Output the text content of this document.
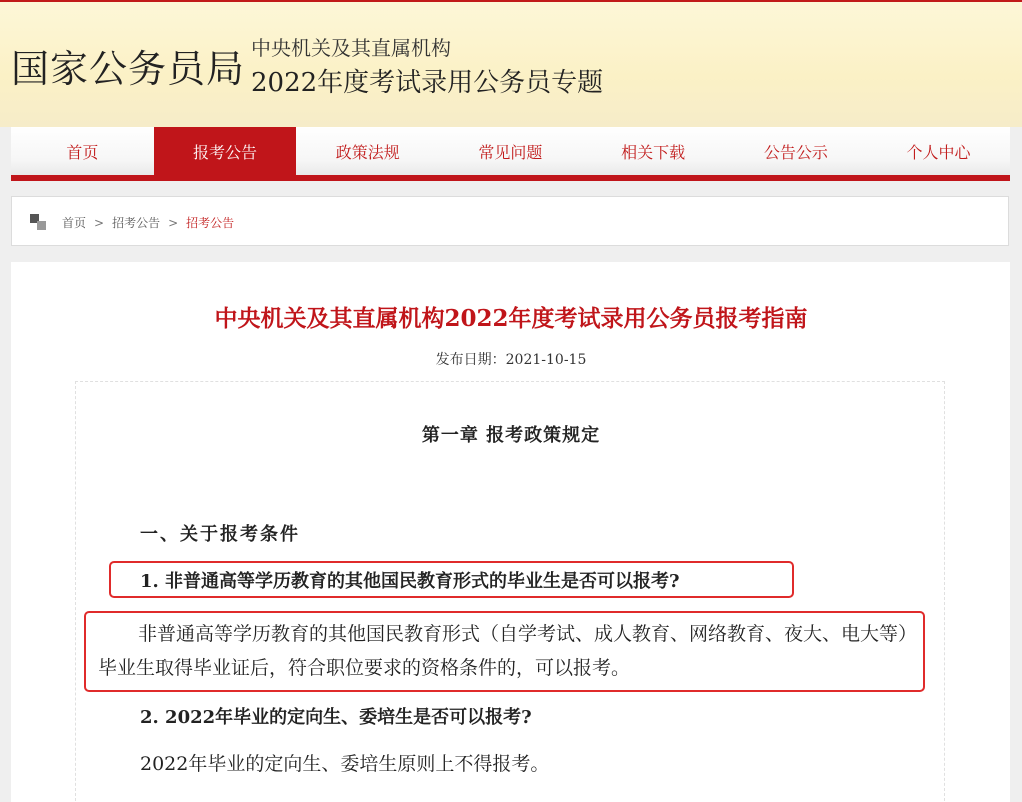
国家公务员局 中央机关及其直属机构
2022年度考试录用公务员专题
首页	报考公告	政策法规	常见问题	相关下载	公告公示	个人中心
首页 > 招考公告 > 招考公告
中央机关及其直属机构2022年度考试录用公务员报考指南
发布日期：2021-10-15
第一章 报考政策规定
一、关于报考条件
1. 非普通高等学历教育的其他国民教育形式的毕业生是否可以报考?
非普通高等学历教育的其他国民教育形式（自学考试、成人教育、网络教育、夜大、电大等）毕业生取得毕业证后，符合职位要求的资格条件的，可以报考。
2. 2022年毕业的定向生、委培生是否可以报考?
2022年毕业的定向生、委培生原则上不得报考。
